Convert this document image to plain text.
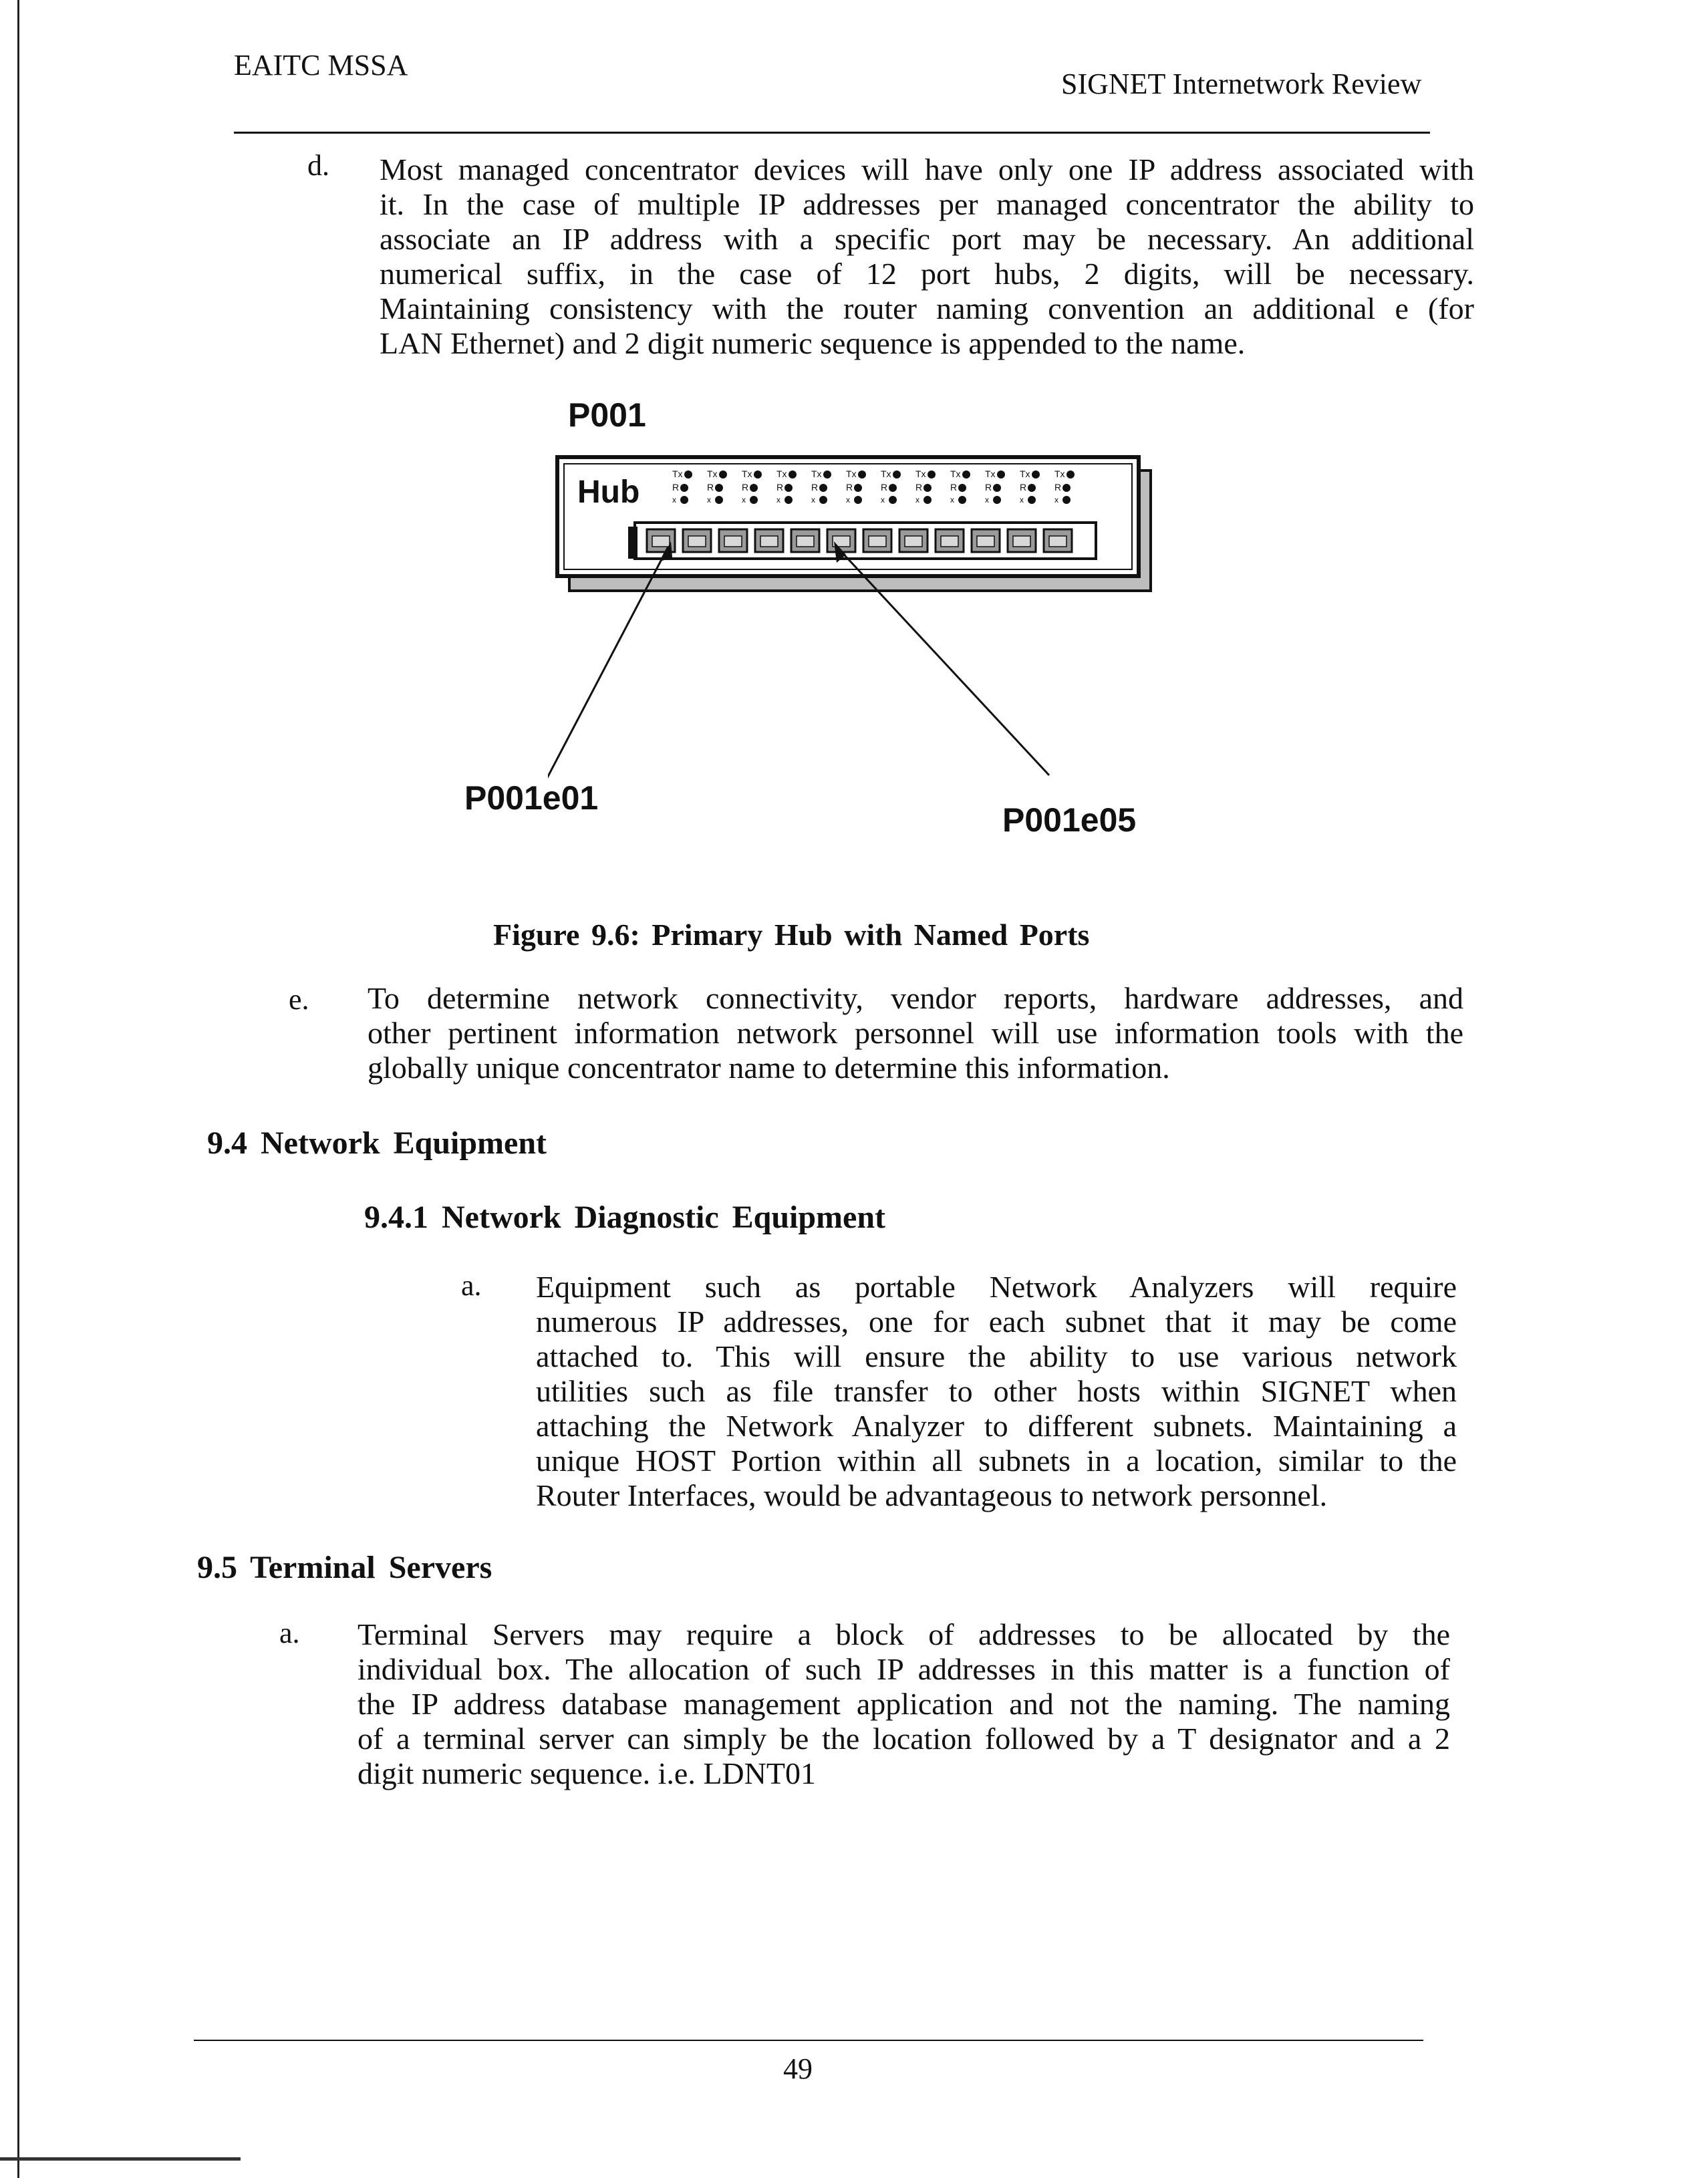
EAITC MSSA
SIGNET Internetwork Review
d. Most managed concentrator devices will have only one IP address associated with
it. In the case of multiple IP addresses per managed concentrator the ability to
associate an IP address with a specific port may be necessary. An additional
numerical suffix, in the case of 12 port hubs, 2 digits, will be necessary.
Maintaining consistency with the router naming convention an additional e (for
LAN Ethernet) and 2 digit numeric sequence is appended to the name.
P001
Hub
Tx
R
x
Tx
R
x
Tx
R
x
Tx
R
x
Tx
R
x
Tx
R
x
Tx
R
x
Tx
R
x
Tx
R
x
Tx
R
x
Tx
R
x
Tx
R
x
P001e01
P001e05
Figure 9.6: Primary Hub with Named Ports
e. To determine network connectivity, vendor reports, hardware addresses, and
other pertinent information network personnel will use information tools with the
globally unique concentrator name to determine this information.
9.4 Network Equipment
9.4.1 Network Diagnostic Equipment
a. Equipment such as portable Network Analyzers will require
numerous IP addresses, one for each subnet that it may be come
attached to. This will ensure the ability to use various network
utilities such as file transfer to other hosts within SIGNET when
attaching the Network Analyzer to different subnets. Maintaining a
unique HOST Portion within all subnets in a location, similar to the
Router Interfaces, would be advantageous to network personnel.
9.5 Terminal Servers
a. Terminal Servers may require a block of addresses to be allocated by the
individual box. The allocation of such IP addresses in this matter is a function of
the IP address database management application and not the naming. The naming
of a terminal server can simply be the location followed by a T designator and a 2
digit numeric sequence. i.e. LDNT01
49
